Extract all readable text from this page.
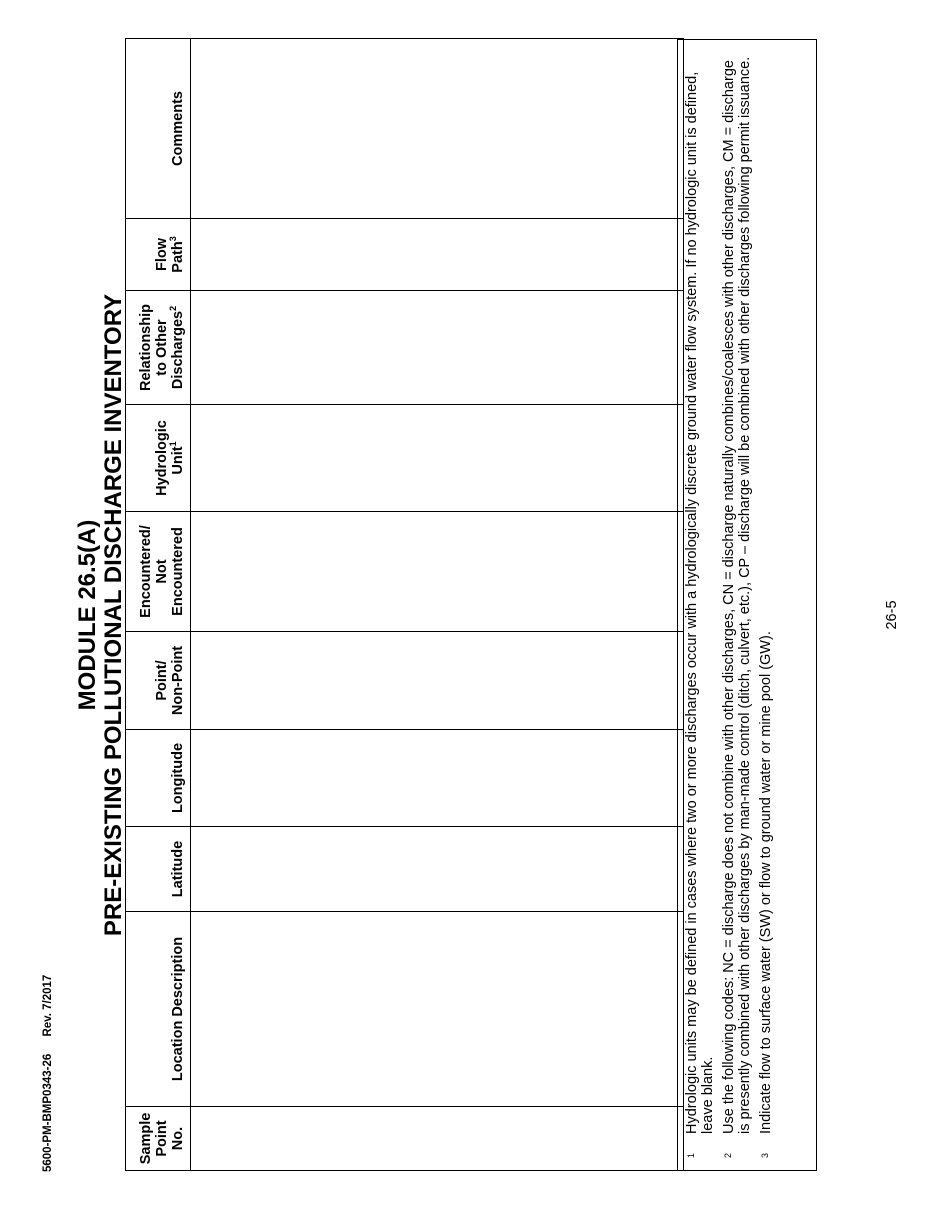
5600-PM-BMP0343-26 Rev. 7/2017
MODULE 26.5(A) PRE-EXISTING POLLUTIONAL DISCHARGE INVENTORY
Sample
Point No.	Location Description	Latitude	Longitude	Point/
Non-Point	Encountered/
Not
Encountered	Hydrologic
Unit$^1$	Relationship
to Other
Discharges$^2$	Flow
Path$^3$	Comments

1
Hydrologic units may be defined in cases where two or more discharges occur with a hydrologically discrete ground water flow system. If no hydrologic unit is defined, leave blank.
2
Use the following codes: NC = discharge does not combine with other discharges, CN = discharge naturally combines/coalesces with other discharges, CM = discharge is presently combined with other discharges by man-made control (ditch, culvert, etc.), CP – discharge will be combined with other discharges following permit issuance.
3
Indicate flow to surface water (SW) or flow to ground water or mine pool (GW).
26-5
